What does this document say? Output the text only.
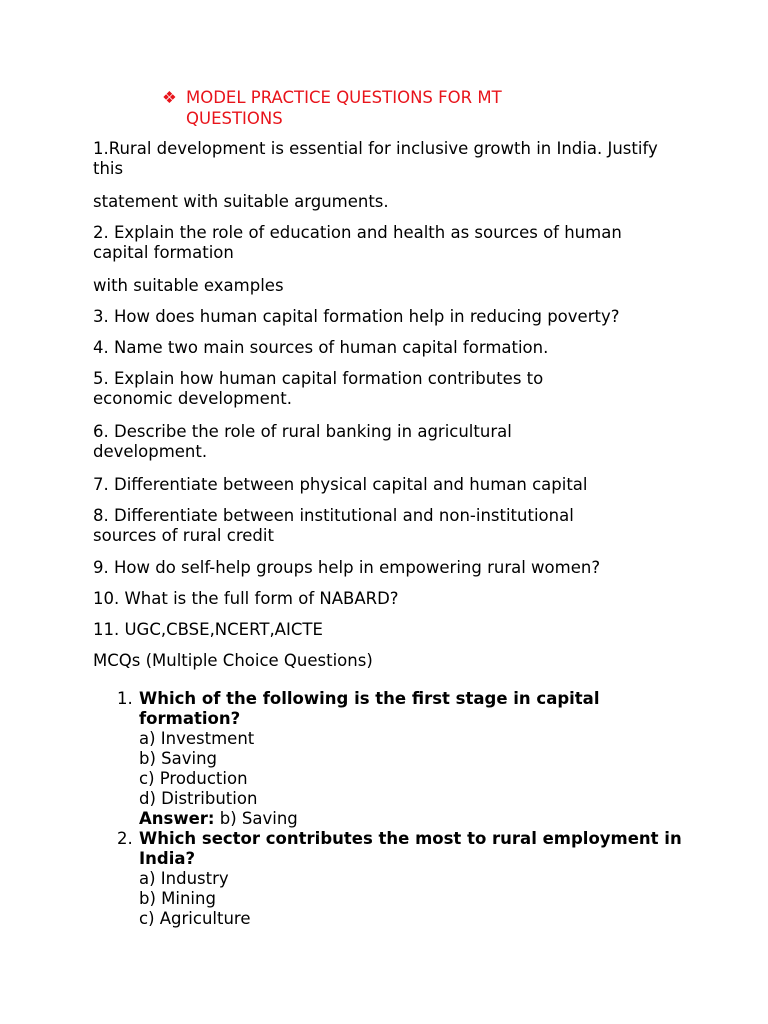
❖ MODEL PRACTICE QUESTIONS FOR MT QUESTIONS
1.Rural development is essential for inclusive growth in India. Justify this
statement with suitable arguments.
2. Explain the role of education and health as sources of human capital formation
with suitable examples
3. How does human capital formation help in reducing poverty?
4. Name two main sources of human capital formation.
5. Explain how human capital formation contributes to economic development.
6. Describe the role of rural banking in agricultural development.
7. Differentiate between physical capital and human capital
8. Differentiate between institutional and non-institutional sources of rural credit
9. How do self-help groups help in empowering rural women?
10. What is the full form of NABARD?
11. UGC,CBSE,NCERT,AICTE
MCQs (Multiple Choice Questions)
1. Which of the following is the first stage in capital formation?
a) Investment
b) Saving
c) Production
d) Distribution
Answer: b) Saving
2. Which sector contributes the most to rural employment in India?
a) Industry
b) Mining
c) Agriculture
